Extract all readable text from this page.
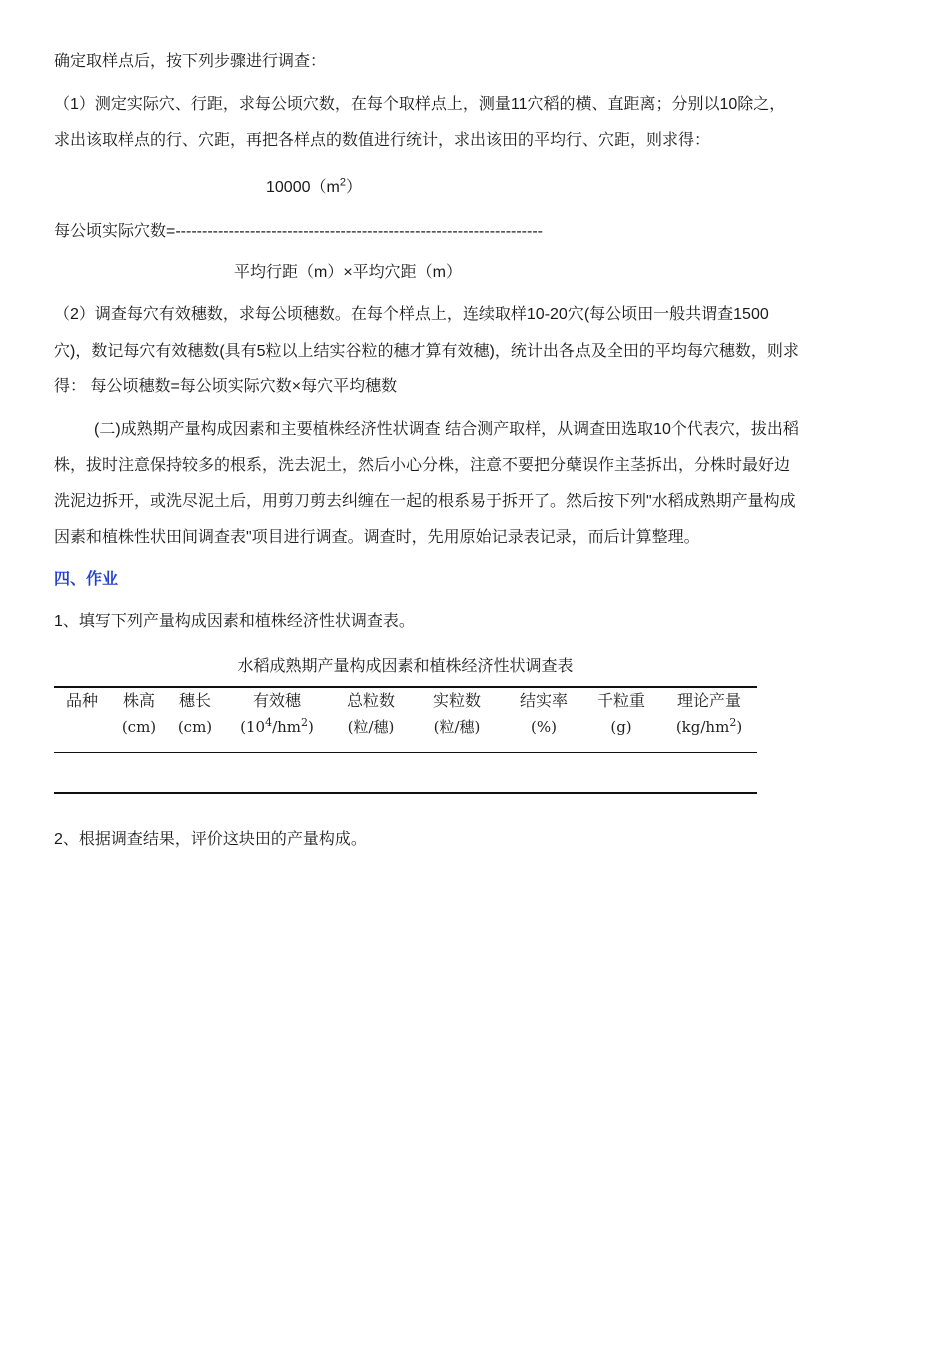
确定取样点后，按下列步骤进行调查：
（1）测定实际穴、行距，求每公顷穴数，在每个取样点上，测量11穴稻的横、直距离；分别以10除之，
求出该取样点的行、穴距，再把各样点的数值进行统计，求出该田的平均行、穴距，则求得：
$10000(m^2)$
每公顷实际穴数=---------------------------------------------------------------------
平均行距（m）×平均穴距（m）
（2）调查每穴有效穗数，求每公顷穗数。在每个样点上，连续取样10-20穴(每公顷田一般共谓查1500
穴)，数记每穴有效穗数(具有5粒以上结实谷粒的穗才算有效穗)，统计出各点及全田的平均每穴穗数，则求
得： 每公顷穗数=每公顷实际穴数×每穴平均穗数
(二)成熟期产量构成因素和主要植株经济性状调查 结合测产取样，从调查田选取10个代表穴，拔出稻
株，拔时注意保持较多的根系，洗去泥土，然后小心分株，注意不要把分蘖误作主茎拆出，分株时最好边
洗泥边拆开，或洗尽泥土后，用剪刀剪去纠缠在一起的根系易于拆开了。然后按下列"水稻成熟期产量构成
因素和植株性状田间调查表"项目进行调查。调查时，先用原始记录表记录，而后计算整理。
四、作业
1、填写下列产量构成因素和植株经济性状调查表。
水稻成熟期产量构成因素和植株经济性状调查表
品种	株高
(cm)
穗长
(cm)
有效穗
$(10^4/hm^2)$
总粒数
(粒/穗)
实粒数
(粒/穗)
结实率
(%)
千粒重
(g)
理论产量
$(kg/hm^2)$
2、根据调查结果，评价这块田的产量构成。
